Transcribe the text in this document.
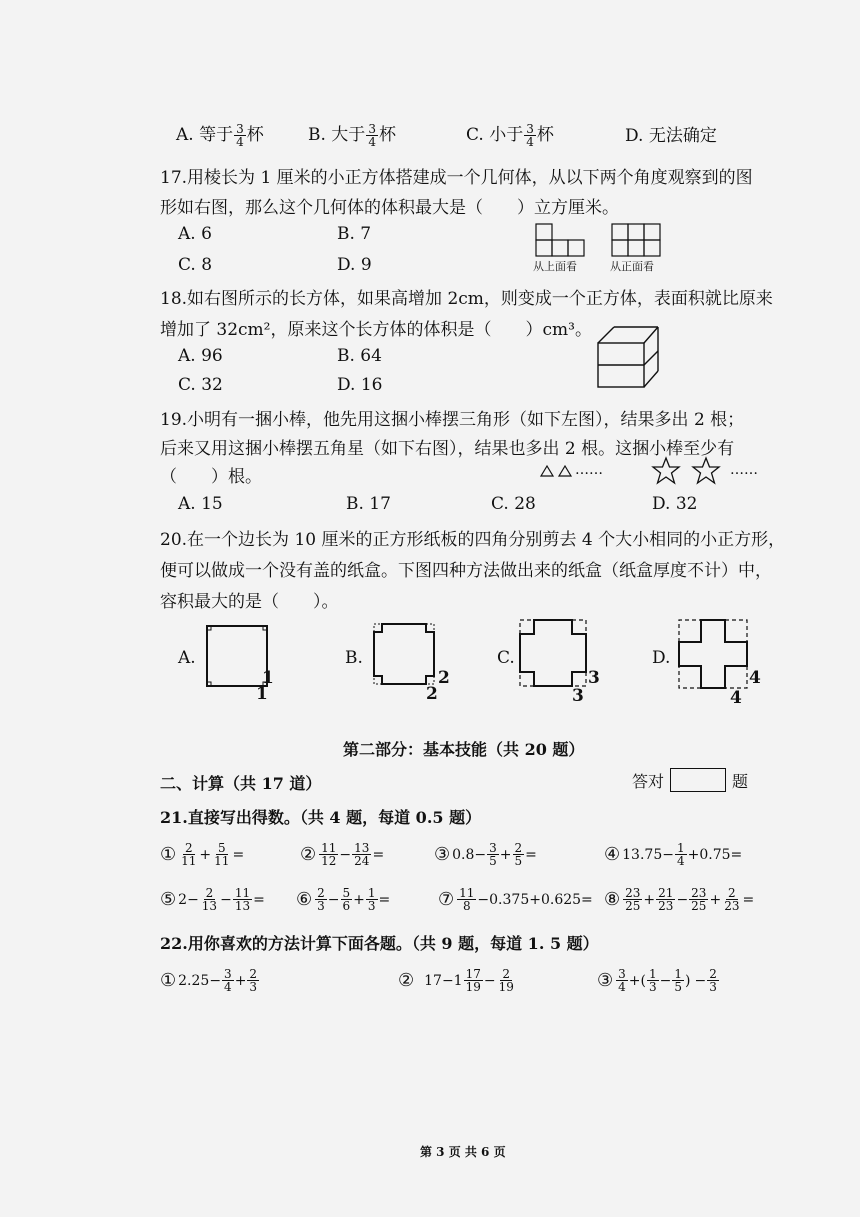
A. 等于 $\frac{3}{4}$ 杯	B. 大于 $\frac{3}{4}$ 杯	C. 小于 $\frac{3}{4}$ 杯	D. 无法确定
17.用棱长为 1 厘米的小正方体搭建成一个几何体，从以下两个角度观察到的图
形如右图，那么这个几何体的体积最大是（　　）立方厘米。
A. 6	B. 7
C. 8	D. 9	从上面看	从正面看
18.如右图所示的长方体，如果高增加 2cm，则变成一个正方体，表面积就比原来
增加了 32cm²，原来这个长方体的体积是（　　）cm³。
A. 96	B. 64
C. 32	D. 16
19.小明有一捆小棒，他先用这捆小棒摆三角形（如下左图），结果多出 2 根；
后来又用这捆小棒摆五角星（如下右图），结果也多出 2 根。这捆小棒至少有
（　　）根。	……	……
A. 15	B. 17	C. 28	D. 32
20.在一个边长为 10 厘米的正方形纸板的四角分别剪去 4 个大小相同的小正方形，
便可以做成一个没有盖的纸盒。下图四种方法做出来的纸盒（纸盒厚度不计）中，
容积最大的是（　　）。
A.
1
1
B.
2
2
C.
3
3
D.
4
4
第二部分：基本技能（共 20 题）
二、计算（共 17 道）	答对	题
21.直接写出得数。（共 4 题，每道 0.5 题）
① $\frac{2}{11} + \frac{5}{11}$ =	② $\frac{11}{12} - \frac{13}{24}$ =	③ $0.8 - \frac{3}{5} + \frac{2}{5}$ =	④ $13.75 - \frac{1}{4} +0.75$ =
⑤ $2 - \frac{2}{13} - \frac{11}{13}$ = ⑥ $\frac{2}{3} - \frac{5}{6} + \frac{1}{3}$ =	⑦ $\frac{11}{8} -0.375+0.625$ = ⑧ $\frac{23}{25} + \frac{21}{23} - \frac{23}{25} + \frac{2}{23}$ =
22.用你喜欢的方法计算下面各题。（共 9 题，每道 1. 5 题）
① $2.25 - \frac{3}{4} + \frac{2}{3}$	② $17-1 \frac{17}{19} - \frac{2}{19}$	③ $\frac{3}{4}$ +( $\frac{1}{3} - \frac{1}{5}$ ) − $\frac{2}{3}$
第 3 页 共 6 页
